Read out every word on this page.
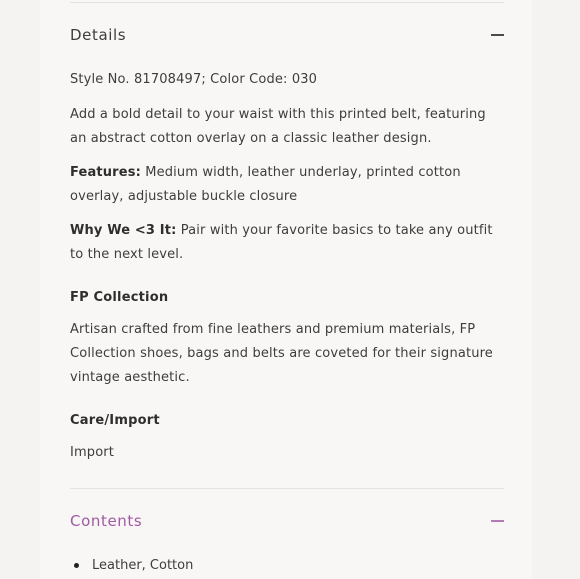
Details
Style No. 81708497; Color Code: 030
Add a bold detail to your waist with this printed belt, featuring an abstract cotton overlay on a classic leather design.
Features: Medium width, leather underlay, printed cotton overlay, adjustable buckle closure
Why We <3 It: Pair with your favorite basics to take any outfit to the next level.
FP Collection
Artisan crafted from fine leathers and premium materials, FP Collection shoes, bags and belts are coveted for their signature vintage aesthetic.
Care/Import
Import
Contents
Leather, Cotton
